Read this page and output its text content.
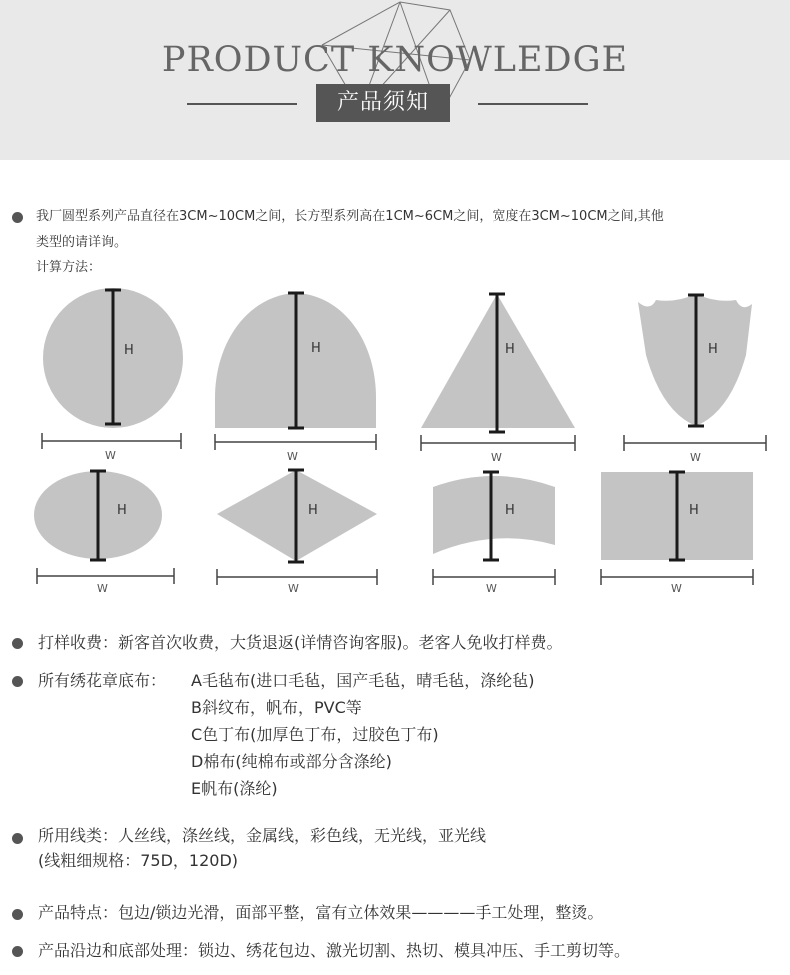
PRODUCT KNOWLEDGE
产品须知
我厂圆型系列产品直径在3CM~10CM之间，长方型系列高在1CM~6CM之间，宽度在3CM~10CM之间,其他
类型的请详询。
计算方法：
H	H	H	H
H	H	H	H
W	W	W	W
W	W	W	W
打样收费：新客首次收费，大货退返(详情咨询客服)。老客人免收打样费。
所有绣花章底布： A毛毡布(进口毛毡，国产毛毡，晴毛毡，涤纶毡)
B斜纹布，帆布，PVC等
C色丁布(加厚色丁布，过胶色丁布)
D棉布(纯棉布或部分含涤纶)
E帆布(涤纶)
所用线类：人丝线，涤丝线，金属线，彩色线，无光线，亚光线
(线粗细规格：75D，120D)
产品特点：包边/锁边光滑，面部平整，富有立体效果————手工处理，整烫。
产品沿边和底部处理：锁边、绣花包边、激光切割、热切、模具冲压、手工剪切等。
